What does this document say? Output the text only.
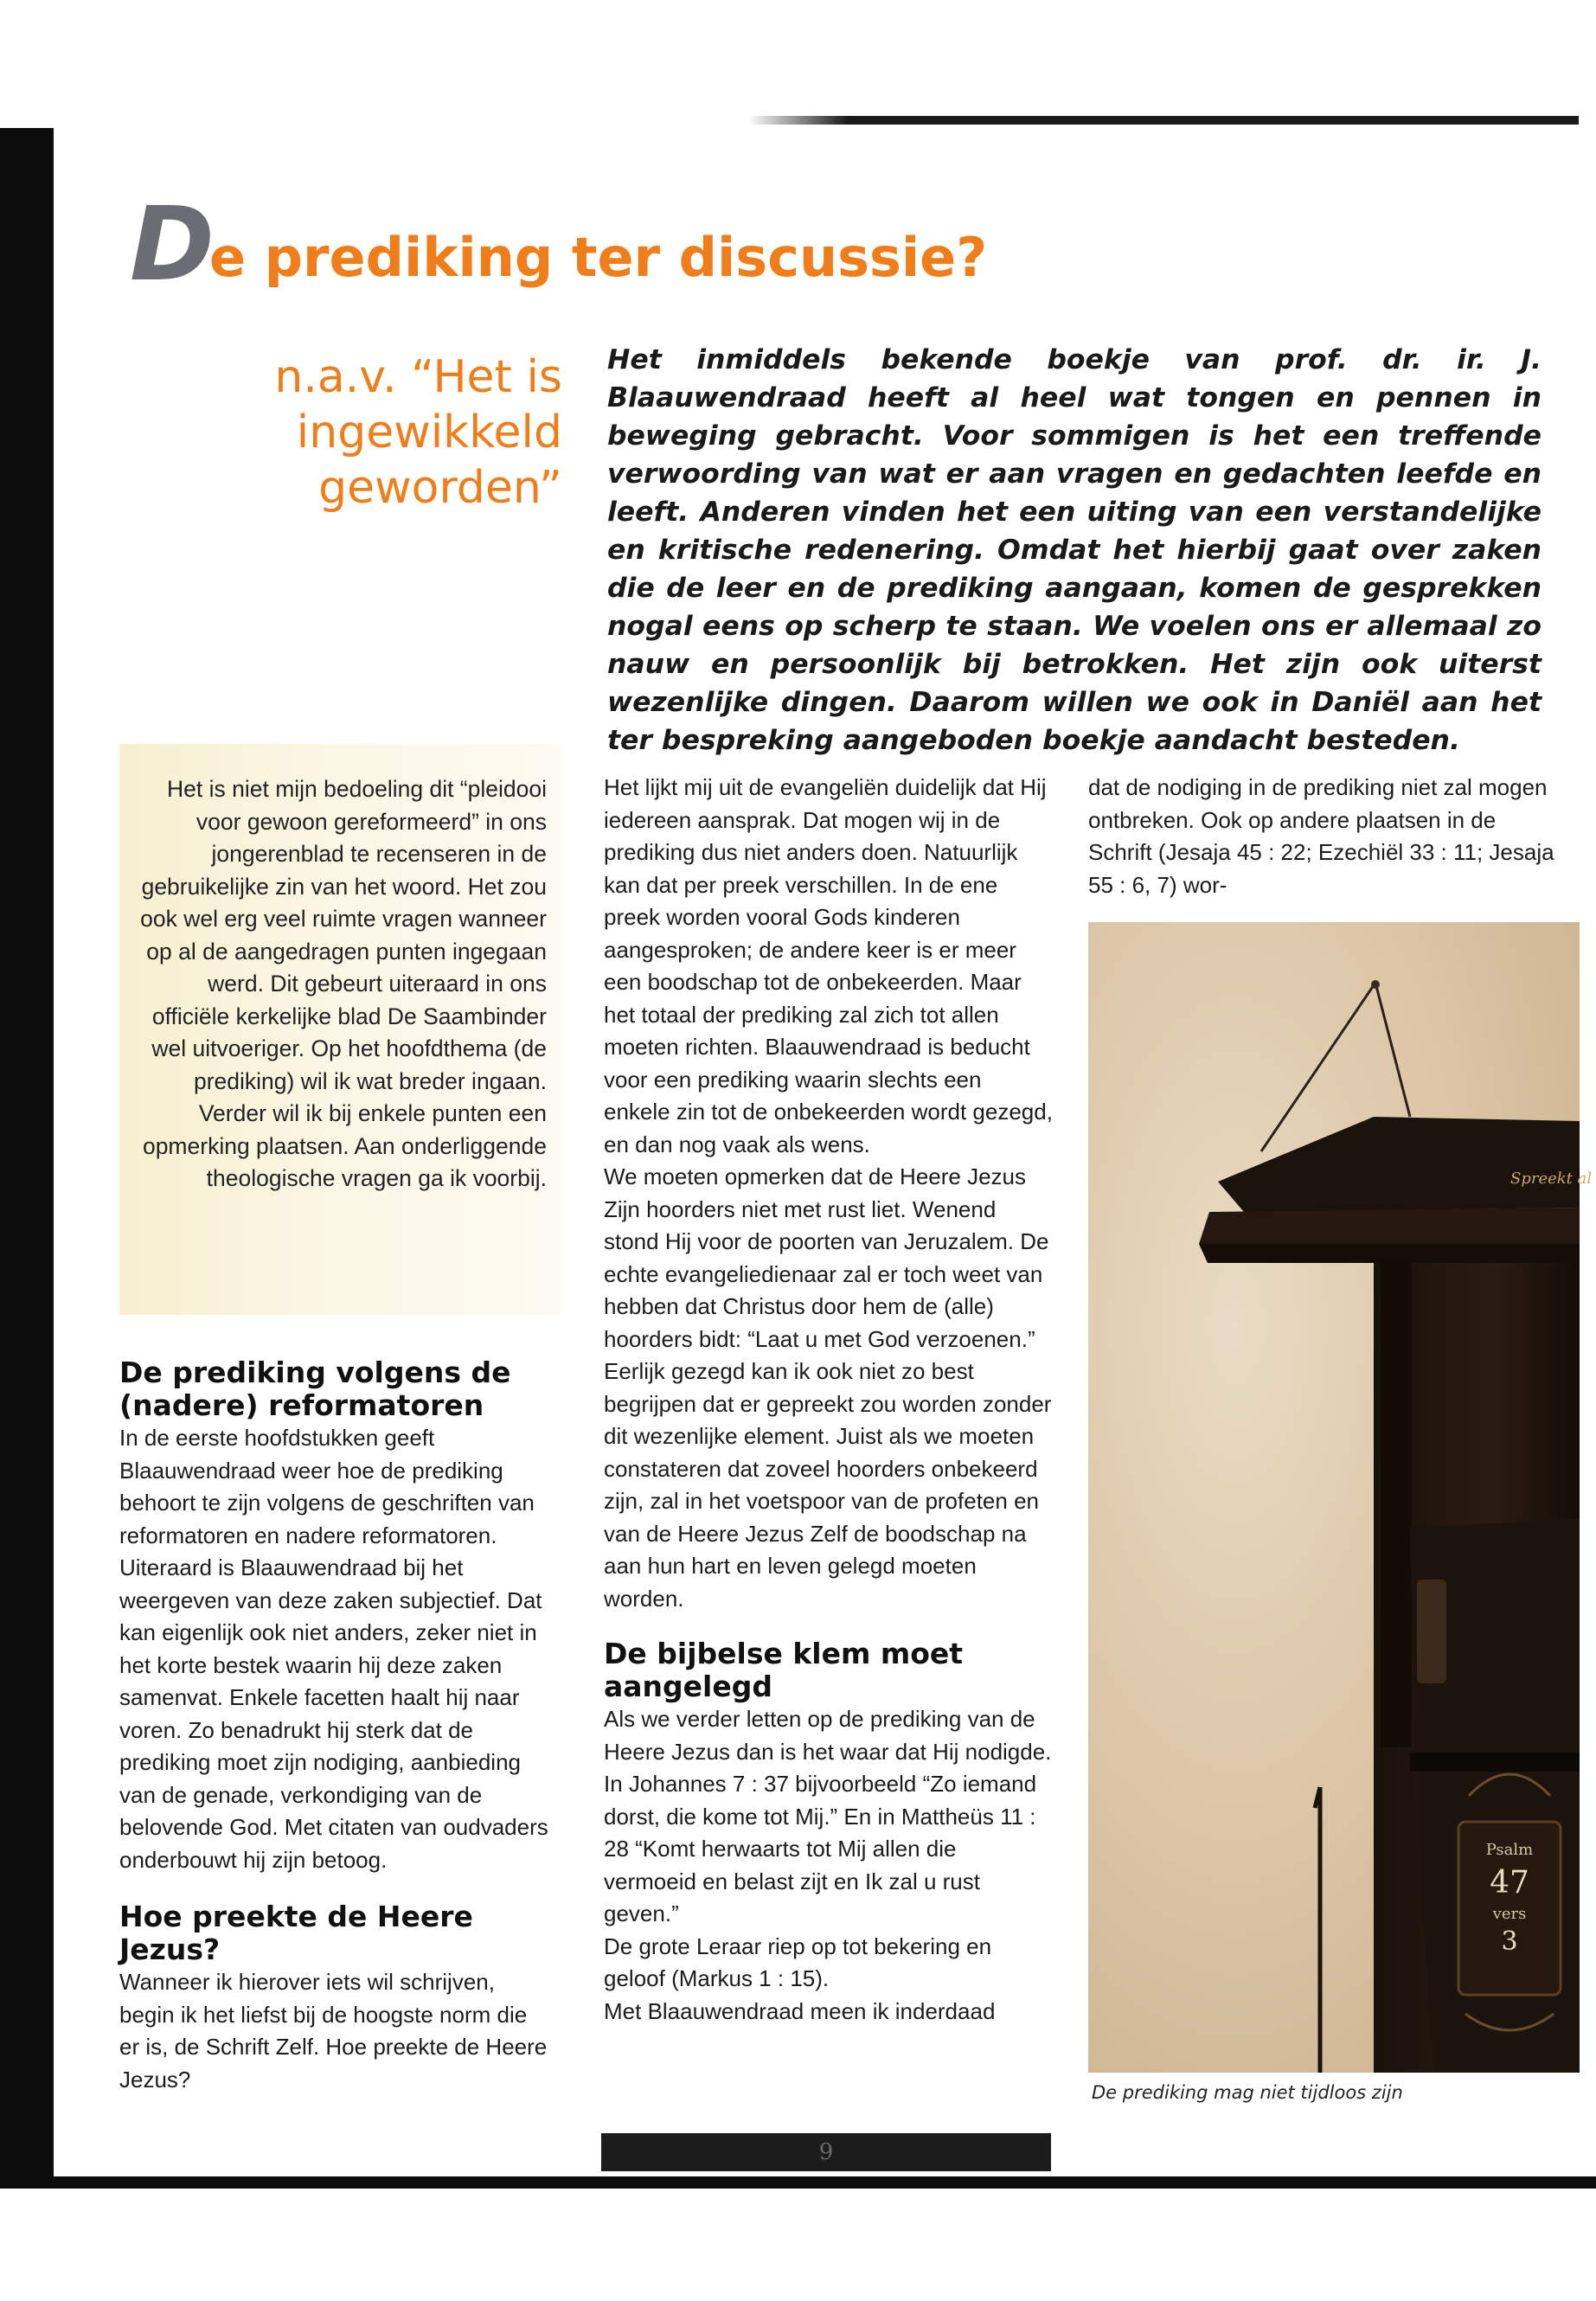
De prediking ter discussie?
n.a.v. “Het is
ingewikkeld
geworden”

Het inmiddels bekende boekje van prof. dr. ir. J. Blaauwendraad heeft al heel wat tongen en pennen in beweging gebracht. Voor sommigen is het een treffende verwoording van wat er aan vragen en gedachten leefde en leeft. Anderen vinden het een uiting van een verstandelijke en kritische redenering. Omdat het hierbij gaat over zaken die de leer en de prediking aangaan, komen de gesprekken nogal eens op scherp te staan. We voelen ons er allemaal zo nauw en persoonlijk bij betrokken. Het zijn ook uiterst wezenlijke dingen. Daarom willen we ook in Daniël aan het ter bespreking aangeboden boekje aandacht besteden.

Het is niet mijn bedoeling dit “pleidooi voor gewoon gereformeerd” in ons jongerenblad te recenseren in de gebruikelijke zin van het woord. Het zou ook wel erg veel ruimte vragen wanneer op al de aangedragen punten ingegaan werd. Dit gebeurt uiteraard in ons officiële kerkelijke blad De Saambinder wel uitvoeriger. Op het hoofdthema (de prediking) wil ik wat breder ingaan. Verder wil ik bij enkele punten een opmerking plaatsen. Aan onderliggende theologische vragen ga ik voorbij.

De prediking volgens de (nadere) reformatoren

In de eerste hoofdstukken geeft Blaauwendraad weer hoe de prediking behoort te zijn volgens de geschriften van reformatoren en nadere reformatoren. Uiteraard is Blaauwendraad bij het weergeven van deze zaken subjectief. Dat kan eigenlijk ook niet anders, zeker niet in het korte bestek waarin hij deze zaken samenvat. Enkele facetten haalt hij naar voren. Zo benadrukt hij sterk dat de prediking moet zijn nodiging, aanbieding van de genade, verkondiging van de belovende God. Met citaten van oudvaders onderbouwt hij zijn betoog.

Hoe preekte de Heere Jezus?

Wanneer ik hierover iets wil schrijven, begin ik het liefst bij de hoogste norm die er is, de Schrift Zelf. Hoe preekte de Heere Jezus?

Het lijkt mij uit de evangeliën duidelijk dat Hij iedereen aansprak. Dat mogen wij in de prediking dus niet anders doen. Natuurlijk kan dat per preek verschillen. In de ene preek worden vooral Gods kinderen aangesproken; de andere keer is er meer een boodschap tot de onbekeerden. Maar het totaal der prediking zal zich tot allen moeten richten. Blaauwendraad is beducht voor een prediking waarin slechts een enkele zin tot de onbekeerden wordt gezegd, en dan nog vaak als wens.

We moeten opmerken dat de Heere Jezus Zijn hoorders niet met rust liet. Wenend stond Hij voor de poorten van Jeruzalem. De echte evangeliedienaar zal er toch weet van hebben dat Christus door hem de (alle) hoorders bidt: “Laat u met God verzoenen.” Eerlijk gezegd kan ik ook niet zo best begrijpen dat er gepreekt zou worden zonder dit wezenlijke element. Juist als we moeten constateren dat zoveel hoorders onbekeerd zijn, zal in het voetspoor van de profeten en van de Heere Jezus Zelf de boodschap na aan hun hart en leven gelegd moeten worden.

De bijbelse klem moet aangelegd

Als we verder letten op de prediking van de Heere Jezus dan is het waar dat Hij nodigde. In Johannes 7 : 37 bijvoorbeeld “Zo iemand dorst, die kome tot Mij.” En in Mattheüs 11 : 28 “Komt herwaarts tot Mij allen die vermoeid en belast zijt en Ik zal u rust geven.”

De grote Leraar riep op tot bekering en geloof (Markus 1 : 15).

Met Blaauwendraad meen ik inderdaad

dat de nodiging in de prediking niet zal mogen ontbreken. Ook op andere plaatsen in de Schrift (Jesaja 45 : 22; Ezechiël 33 : 11; Jesaja 55 : 6, 7) wor-

Spreekt al
Psalm
47
vers
3
De prediking mag niet tijdloos zijn
9
